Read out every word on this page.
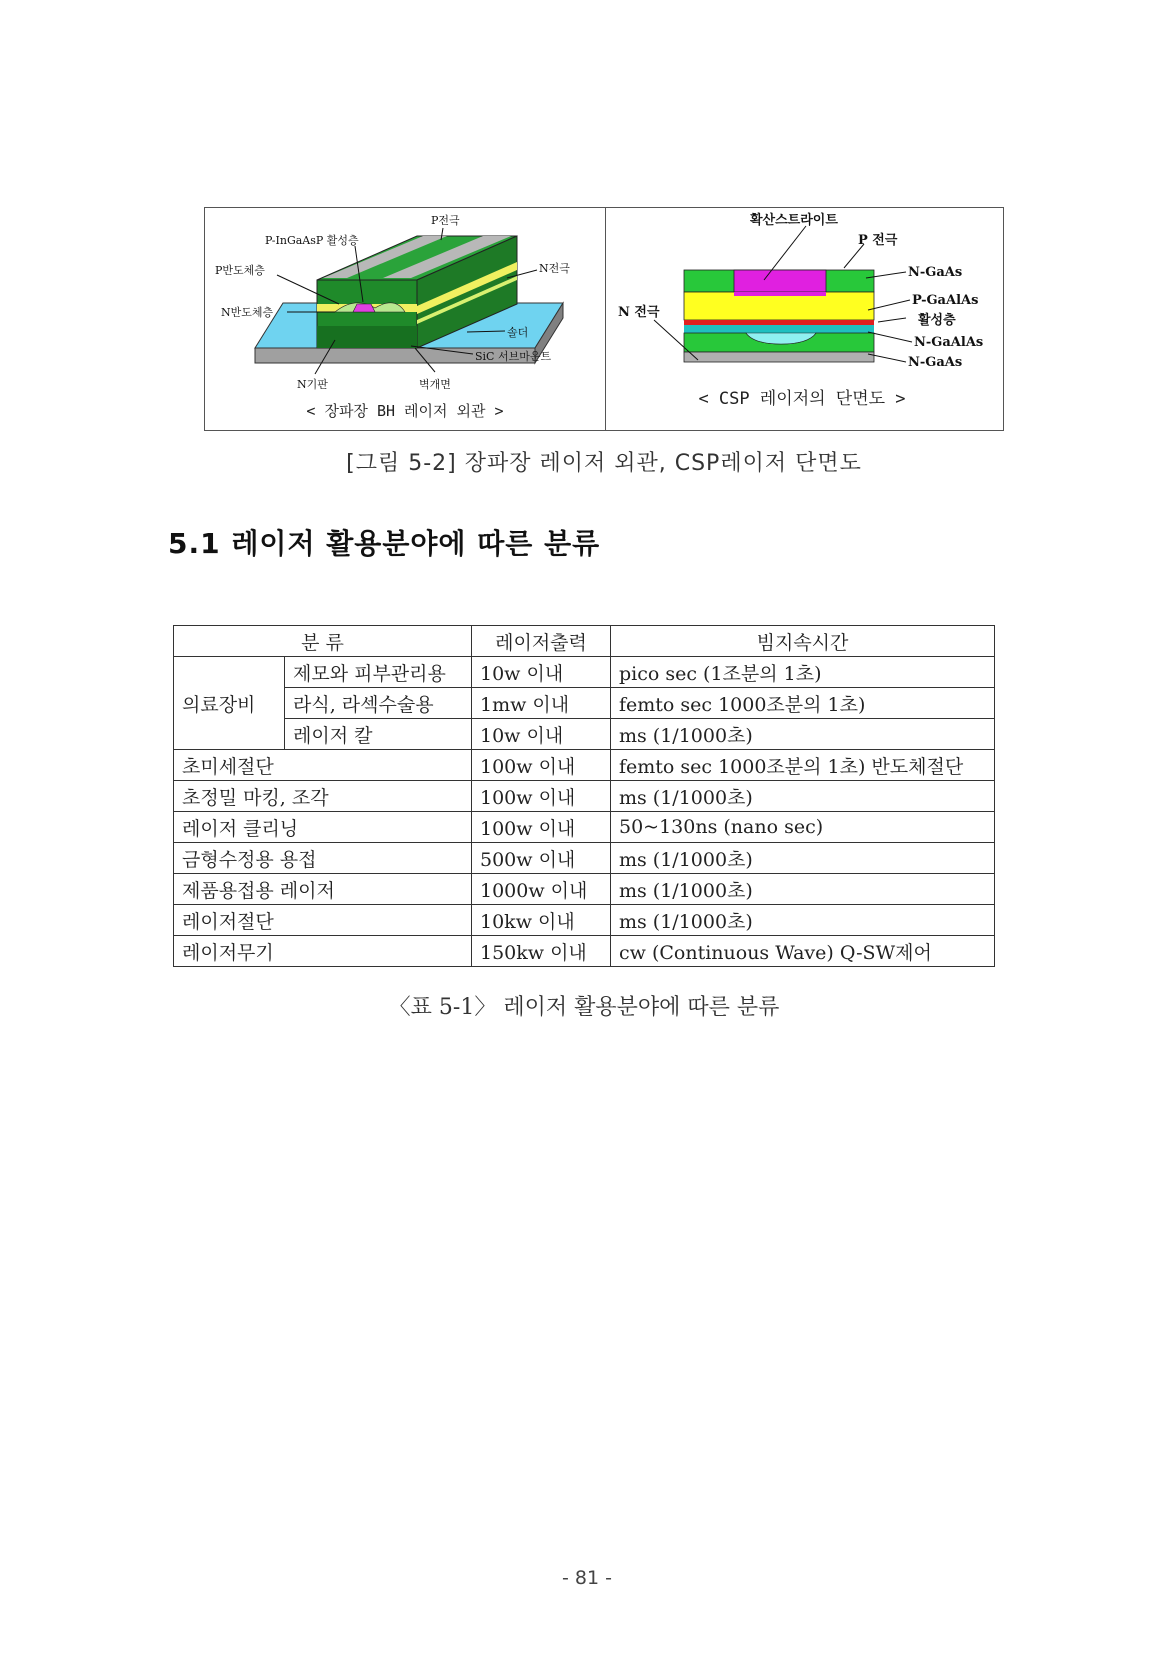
P전극
P-InGaAsP 활성층
P반도체층	N전극
N반도체층
솔더
SiC 서브마운트
N기판	벽개면
< 장파장 BH 레이저 외관 >
확산스트라이트
P 전극
N-GaAs
P-GaAlAs
활성층
N-GaAlAs
N-GaAs
N 전극
< CSP 레이저의 단면도 >
[그림 5-2] 장파장 레이저 외관, CSP레이저 단면도
5.1 레이저 활용분야에 따른 분류
분 류		레이저출력	빔지속시간
의료장비	제모와 피부관리용	10w 이내	pico sec (1조분의 1초)
	라식, 라섹수술용	1mw 이내	femto sec 1000조분의 1초)
	레이저 칼	10w 이내	ms (1/1000초)
초미세절단		100w 이내	femto sec 1000조분의 1초) 반도체절단
초정밀 마킹, 조각		100w 이내	ms (1/1000초)
레이저 클리닝		100w 이내	50~130ns (nano sec)
금형수정용 용접		500w 이내	ms (1/1000초)
제품용접용 레이저		1000w 이내	ms (1/1000초)
레이저절단		10kw 이내	ms (1/1000초)
레이저무기		150kw 이내	cw (Continuous Wave) Q-SW제어
〈표 5-1〉 레이저 활용분야에 따른 분류
- 81 -
